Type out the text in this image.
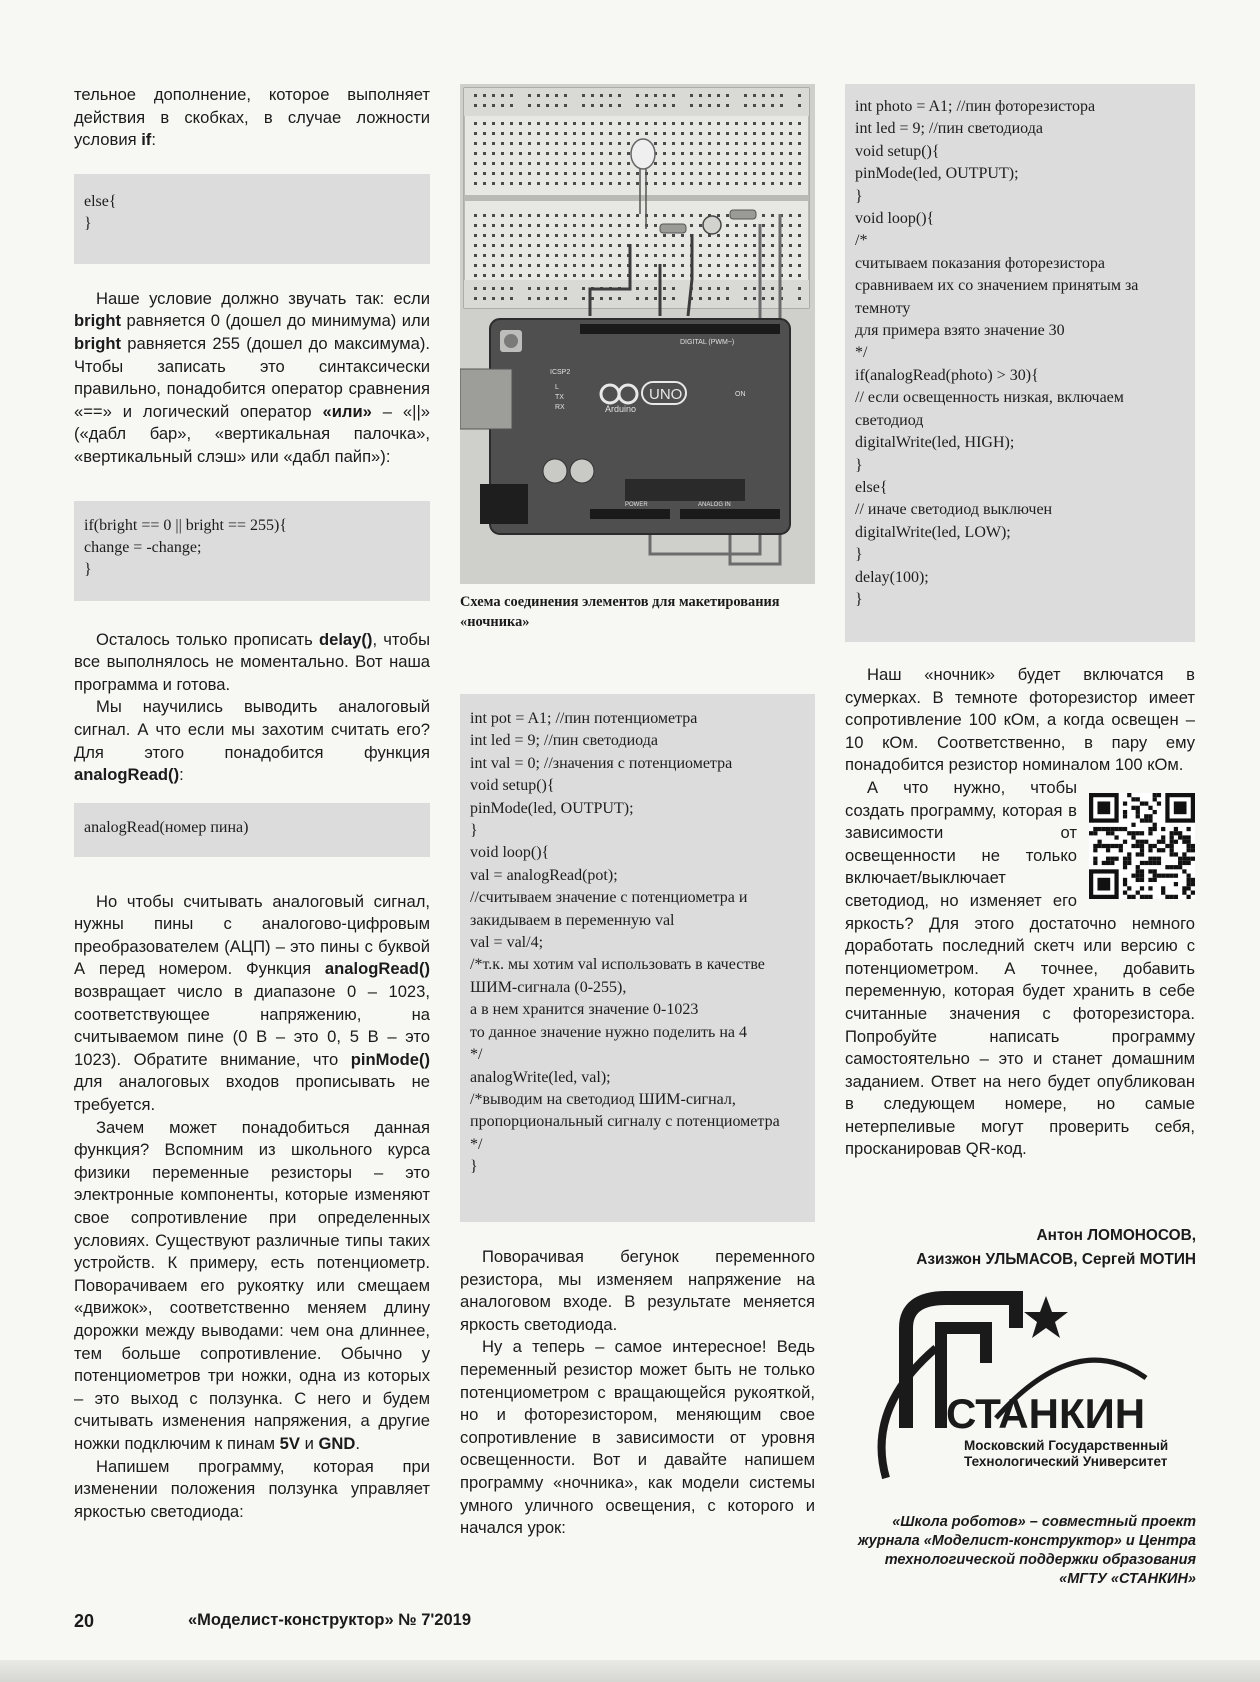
тельное дополнение, которое выполняет действия в скобках, в случае ложности условия if:

else{
}

Наше условие должно звучать так: если bright равняется 0 (дошел до минимума) или bright равняется 255 (дошел до максимума). Чтобы записать это синтаксически правильно, понадобится оператор сравнения «==» и логический оператор «или» – «||» («дабл бар», «вертикальная палочка», «вертикальный слэш» или «дабл пайп»):

if(bright == 0 || bright == 255){
change = -change;
}

Осталось только прописать delay(), чтобы все выполнялось не моментально. Вот наша программа и готова.

Мы научились выводить аналоговый сигнал. А что если мы захотим считать его? Для этого понадобится функция analogRead():

analogRead(номер пина)

Но чтобы считывать аналоговый сигнал, нужны пины с аналогово-цифровым преобразователем (АЦП) – это пины с буквой А перед номером. Функция analogRead() возвращает число в диапазоне 0 – 1023, соответствующее напряжению, на считываемом пине (0 В – это 0, 5 В – это 1023). Обратите внимание, что pinMode() для аналоговых входов прописывать не требуется.

Зачем может понадобиться данная функция? Вспомним из школьного курса физики переменные резисторы – это электронные компоненты, которые изменяют свое сопротивление при определенных условиях. Существуют различные типы таких устройств. К примеру, есть потенциометр. Поворачиваем его рукоятку или смещаем «движок», соответственно меняем длину дорожки между выводами: чем она длиннее, тем больше сопротивление. Обычно у потенциометров три ножки, одна из которых – это выход с ползунка. С него и будем считывать изменения напряжения, а другие ножки подключим к пинам 5V и GND.

Напишем программу, которая при изменении положения ползунка управляет яркостью светодиода:

DIGITAL (PWM~)
ICSP2
L
TX
RX
ON
POWER	ANALOG IN
Arduino
UNO
Схема соединения элементов для макетирования «ночника»
int pot = A1; //пин потенциометра
int led = 9; //пин светодиода
int val = 0; //значения с потенциометра
void setup(){
pinMode(led, OUTPUT);
}
void loop(){
val = analogRead(pot);
//считываем значение с потенциометра и закидываем в переменную val
val = val/4;
/*т.к. мы хотим val использовать в качестве ШИМ-сигнала (0-255),
а в нем хранится значение 0-1023
то данное значение нужно поделить на 4
*/
analogWrite(led, val);
/*выводим на светодиод ШИМ-сигнал, пропорциональный сигналу с потенциометра
*/
}

Поворачивая бегунок переменного резистора, мы изменяем напряжение на аналоговом входе. В результате меняется яркость светодиода.

Ну а теперь – самое интересное! Ведь переменный резистор может быть не только потенциометром с вращающейся рукояткой, но и фоторезистором, меняющим свое сопротивление в зависимости от уровня освещенности. Вот и давайте напишем программу «ночника», как модели системы умного уличного освещения, с которого и начался урок:

int photo = A1; //пин фоторезистора
int led = 9; //пин светодиода
void setup(){
pinMode(led, OUTPUT);
}
void loop(){
/*
считываем показания фоторезистора
сравниваем их со значением принятым за темноту
для примера взято значение 30
*/
if(analogRead(photo) > 30){
// если освещенность низкая, включаем светодиод
digitalWrite(led, HIGH);
}
else{
// иначе светодиод выключен
digitalWrite(led, LOW);
}
delay(100);
}

Наш «ночник» будет включатся в сумерках. В темноте фоторезистор имеет сопротивление 100 кОм, а когда освещен – 10 кОм. Соответственно, в пару ему понадобится резистор номиналом 100 кОм.

А что нужно, чтобы создать программу, которая в зависимости от освещенности не только включает/выключает светодиод, но изменяет его яркость? Для этого достаточно немного доработать последний скетч или версию с потенциометром. А точнее, добавить переменную, которая будет хранить в себе считанные значения с фоторезистора. Попробуйте написать программу самостоятельно – это и станет домашним заданием. Ответ на него будет опубликован в следующем номере, но самые нетерпеливые могут проверить себя, просканировав QR-код.

Антон ЛОМОНОСОВ,
Азизжон УЛЬМАСОВ, Сергей МОТИН
СТАНКИН
Московский Государственный
Технологический Университет
«Школа роботов» – совместный проект журнала «Моделист-конструктор» и Центра технологической поддержки образования «МГТУ «СТАНКИН»
20	«Моделист-конструктор» № 7'2019
